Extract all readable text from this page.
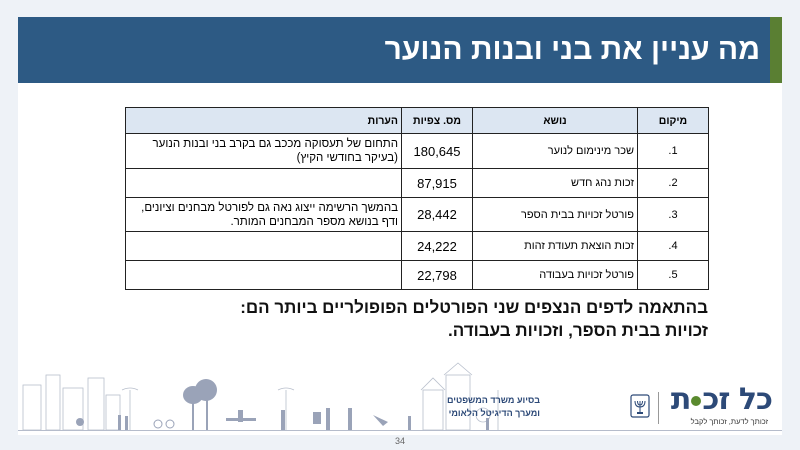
מה עניין את בני ובנות הנוער
מיקום	נושא	מס. צפיות	הערות
1.	שכר מינימום לנוער	180,645	התחום של תעסוקה מככב גם בקרב בני ובנות הנוער (בעיקר בחודשי הקיץ)
2.	זכות נהג חדש	87,915	
3.	פורטל זכויות בבית הספר	28,442	בהמשך הרשימה ייצוג נאה גם לפורטל מבחנים וציונים, ודף בנושא מספר המבחנים המותר.
4.	זכות הוצאת תעודת זהות	24,222	
5.	פורטל זכויות בעבודה	22,798	
בהתאמה לדפים הנצפים שני הפורטלים הפופולריים ביותר הם:
זכויות בבית הספר, וזכויות בעבודה.
34
בסיוע משרד המשפטים
ומערך הדיגיטל הלאומי	כל זכת
זכותך לדעת, זכותך לקבל
